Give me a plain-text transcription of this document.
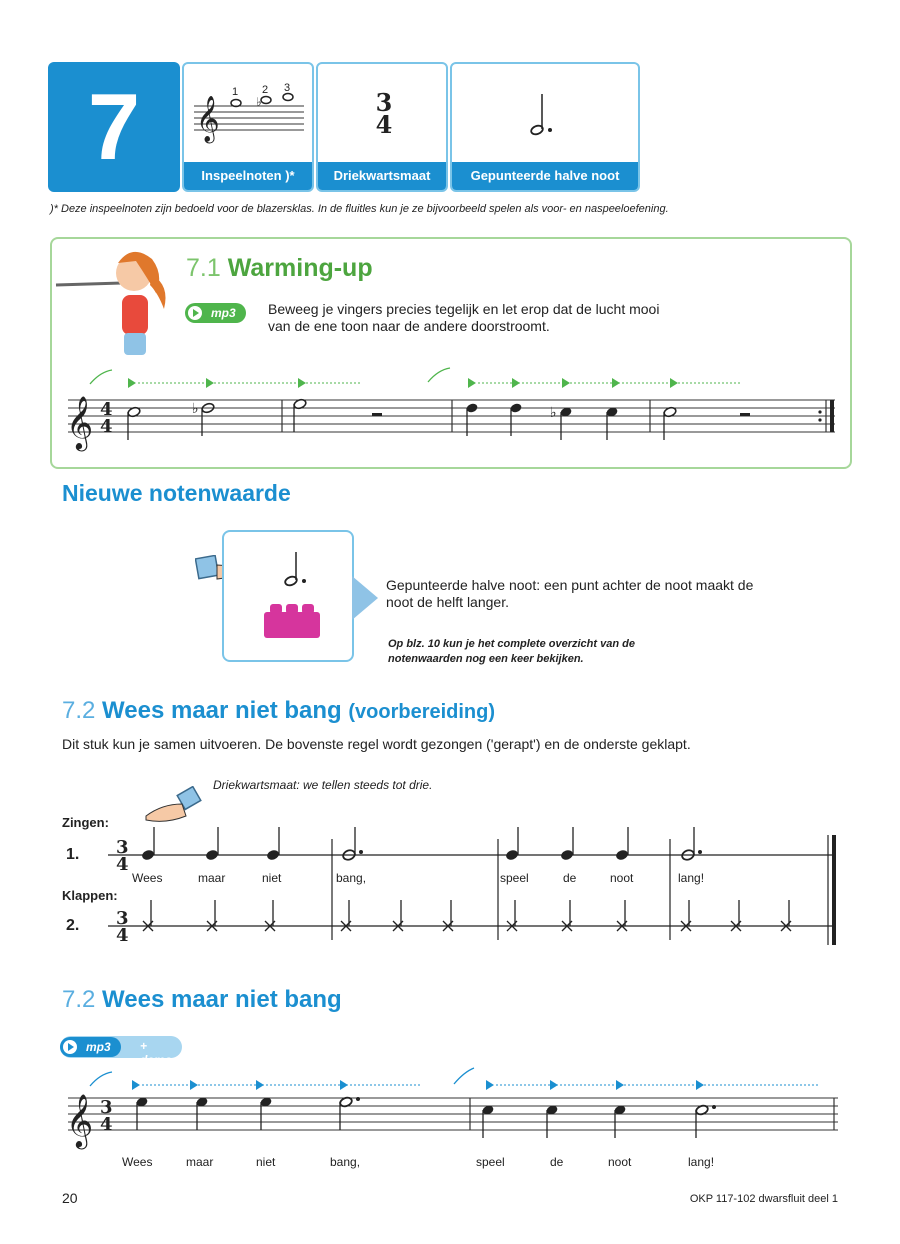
7	𝄞	♭
1 2 3
Inspeelnoten )*
3
4
Driekwartsmaat	Gepunteerde halve noot
)* Deze inspeelnoten zijn bedoeld voor de blazersklas. In de fluitles kun je ze bijvoorbeeld spelen als voor- en naspeeloefening.
7.1 Warming-up
mp3	Beweeg je vingers precies tegelijk en let erop dat de lucht mooi
van de ene toon naar de andere doorstroomt.
𝄞 4
4
♭	♭
Nieuwe notenwaarde
Gepunteerde halve noot: een punt achter de noot maakt de
noot de helft langer.
Op blz. 10 kun je het complete overzicht van de
notenwaarden nog een keer bekijken.
7.2 Wees maar niet bang (voorbereiding)
Dit stuk kun je samen uitvoeren. De bovenste regel wordt gezongen ('gerapt') en de onderste geklapt.
Driekwartsmaat: we tellen steeds tot drie.
Zingen:
1.
Klappen:
2.
3
4
3
4
Wees	maar	niet	bang,	speel	de	noot	lang!
7.2 Wees maar niet bang
mp3	+ demo
𝄞 3
4
Wees	maar	niet	bang,	speel	de	noot	lang!
20	OKP 117-102 dwarsfluit deel 1
